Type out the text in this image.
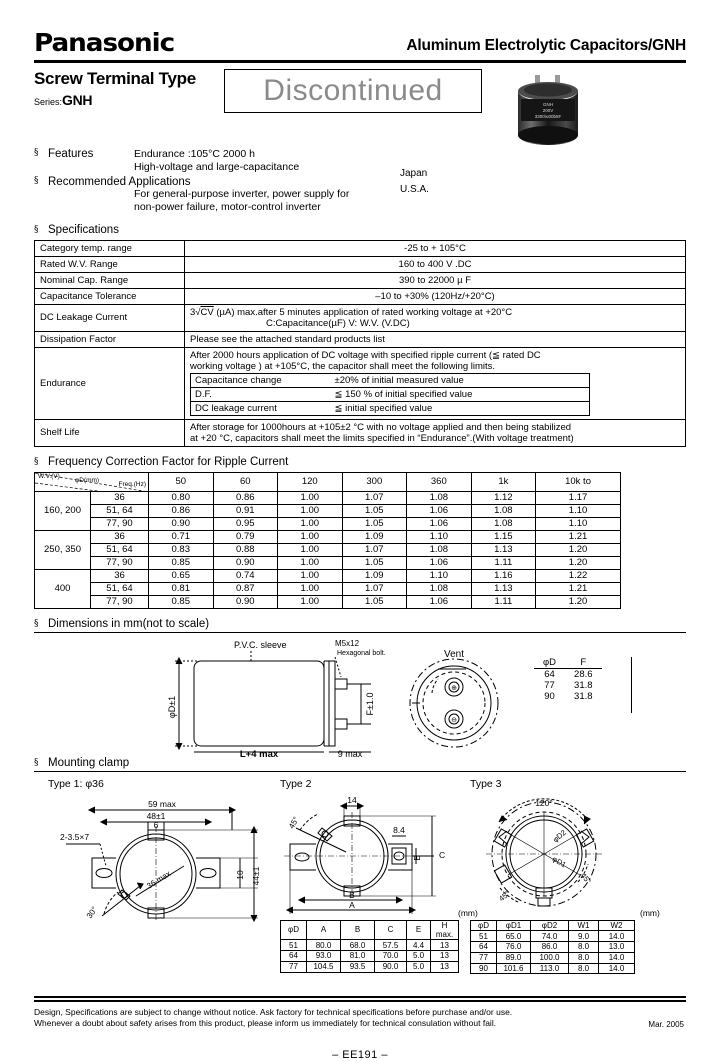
Panasonic	Aluminum Electrolytic Capacitors/GNH
Screw Terminal Type
Series:GNH	Discontinued	GNH
200V
3300\u00b5F
§ Features	Endurance :105°C 2000 h
High-voltage and large-capacitance
§ Recommended Applications
For general-purpose inverter, power supply for
non-power failure, motor-control inverter
Japan
U.S.A.
§ Specifications
Category temp. range	-25 to + 105°C
Rated W.V. Range	160 to 400 V .DC
Nominal Cap. Range	390 to 22000 µ F
Capacitance Tolerance	–10 to +30% (120Hz/+20°C)
DC Leakage Current	3√CV (µA) max.after 5 minutes application of rated working voltage at +20°C
C:Capacitance(µF) V: W.V. (V.DC)

Dissipation Factor	Please see the attached standard products list
Endurance	
After 2000 hours application of DC voltage with specified ripple current (≦ rated DC
working voltage ) at +105°C, the capacitor shall meet the following limits.
Capacitance change	±20% of initial measured value
D.F.	≦ 150 % of initial specified value
DC leakage current	≦ initial specified value

Shelf Life	After storage for 1000hours at +105±2 °C with no voltage applied and then being stabilized
at +20 °C, capacitors shall meet the limits specified in “Endurance”.(With voltage treatment)
§ Frequency Correction Factor for Ripple Current
W.V.(V)
φD(mm)
Freq.(Hz)		50	60	120	300	360	1k	10k to
160, 200	36	0.80	0.86	1.00	1.07	1.08	1.12	1.17
	51, 64	0.86	0.91	1.00	1.05	1.06	1.08	1.10
	77, 90	0.90	0.95	1.00	1.05	1.06	1.08	1.10
250, 350	36	0.71	0.79	1.00	1.09	1.10	1.15	1.21
	51, 64	0.83	0.88	1.00	1.07	1.08	1.13	1.20
	77, 90	0.85	0.90	1.00	1.05	1.06	1.11	1.20
400	36	0.65	0.74	1.00	1.09	1.10	1.16	1.22
	51, 64	0.81	0.87	1.00	1.07	1.08	1.13	1.21
	77, 90	0.85	0.90	1.00	1.05	1.06	1.11	1.20
§ Dimensions in mm(not to scale)
P.V.C. sleeve	M5x12
Hexagonal bolt.
φD±1
L+4 max	9 max
F±1.0
Vent
⊕
⊖
φD	F
64	28.6
77	31.8
90	31.8
§ Mounting clamp
Type 1: φ36	Type 2	Type 3
2-3.5×7
59 max
48±1
6
10 44±1
30°
36 max
14
8.4
B
A
C
E
45°
120°
φD2
φD1
45°
45°
(mm)
φD	A	B	C	E	H max.
51	80.0	68.0	57.5	4.4	13
64	93.0	81.0	70.0	5.0	13
77	104.5	93.5	90.0	5.0	13
(mm)
φD	φD1	φD2	W1	W2
51	65.0	74.0	9.0	14.0
64	76.0	86.0	8.0	13.0
77	89.0	100.0	8.0	14.0
90	101.6	113.0	8.0	14.0
Design, Specifications are subject to change without notice. Ask factory for technical specifications before purchase and/or use.
Whenever a doubt about safety arises from this product, please inform us immediately for technical consulation without fail.	Mar. 2005
– EE191 –
